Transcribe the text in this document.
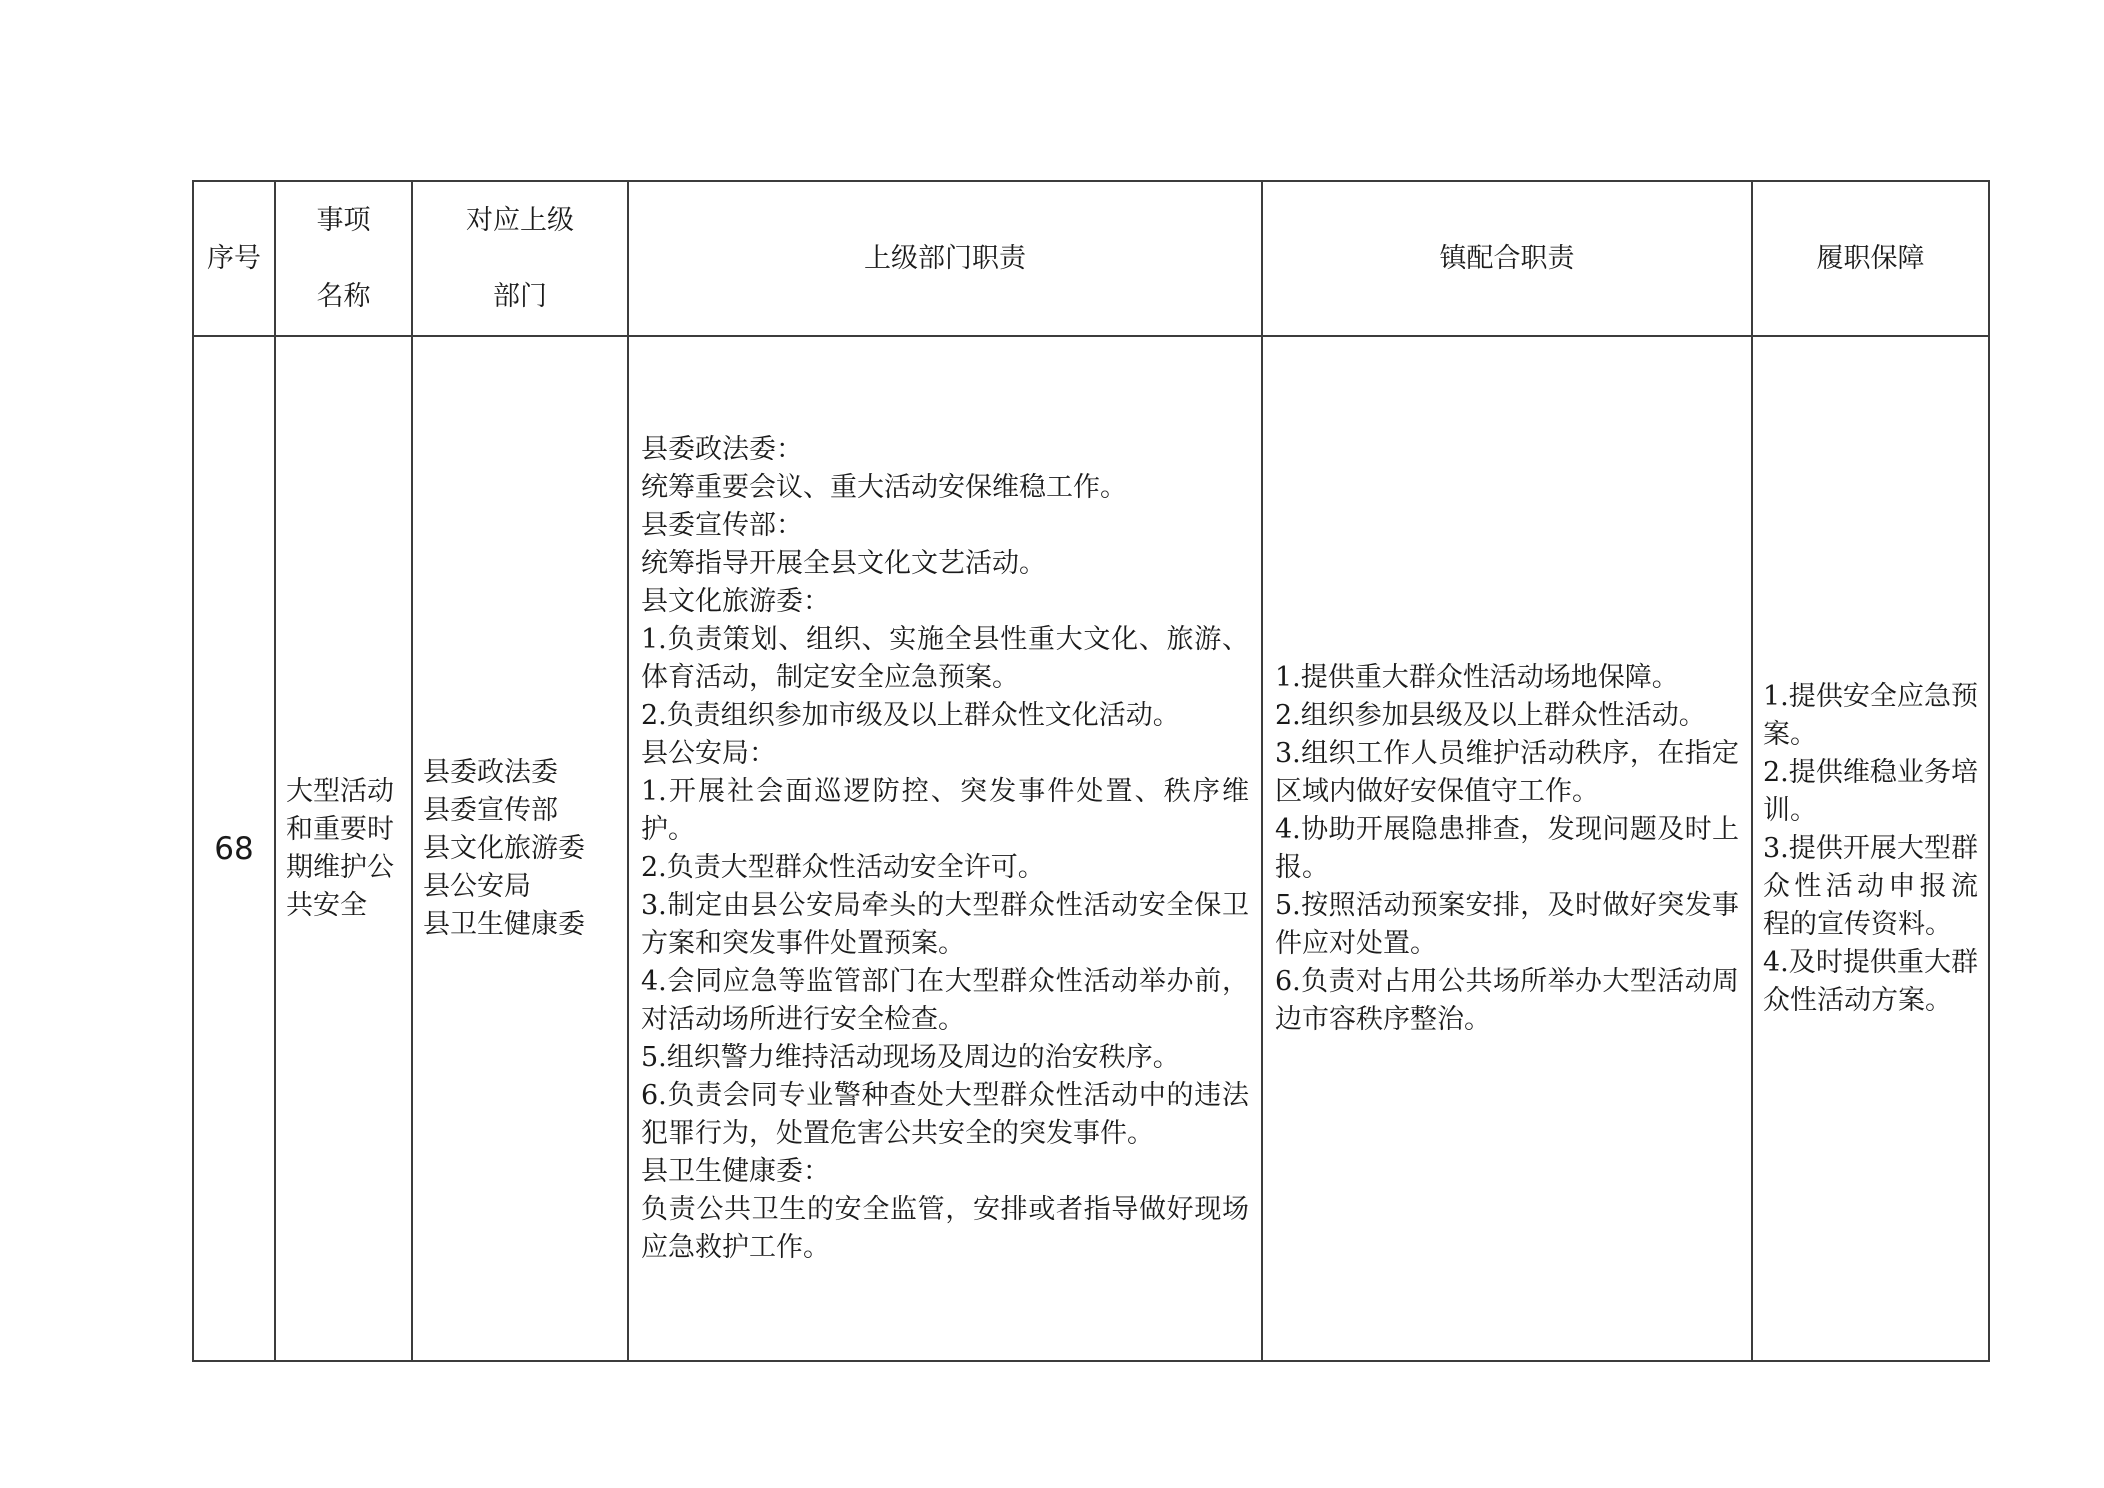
序号
事项
名称
对应上级
部门
上级部门职责	镇配合职责	履职保障
68
大型活动和重要时期维护公共安全
县委政法委
县委宣传部
县文化旅游委
县公安局
县卫生健康委
县委政法委：
统筹重要会议、重大活动安保维稳工作。
县委宣传部：
统筹指导开展全县文化文艺活动。
县文化旅游委：
1.负责策划、组织、实施全县性重大文化、旅游、体育活动，制定安全应急预案。
2.负责组织参加市级及以上群众性文化活动。
县公安局：
1.开展社会面巡逻防控、突发事件处置、秩序维护。
2.负责大型群众性活动安全许可。
3.制定由县公安局牵头的大型群众性活动安全保卫方案和突发事件处置预案。
4.会同应急等监管部门在大型群众性活动举办前，对活动场所进行安全检查。
5.组织警力维持活动现场及周边的治安秩序。
6.负责会同专业警种查处大型群众性活动中的违法犯罪行为，处置危害公共安全的突发事件。
县卫生健康委：
负责公共卫生的安全监管，安排或者指导做好现场应急救护工作。
1.提供重大群众性活动场地保障。
2.组织参加县级及以上群众性活动。
3.组织工作人员维护活动秩序，在指定区域内做好安保值守工作。
4.协助开展隐患排查，发现问题及时上报。
5.按照活动预案安排，及时做好突发事件应对处置。
6.负责对占用公共场所举办大型活动周边市容秩序整治。
1.提供安全应急预案。
2.提供维稳业务培训。
3.提供开展大型群众性活动申报流程的宣传资料。
4.及时提供重大群众性活动方案。
